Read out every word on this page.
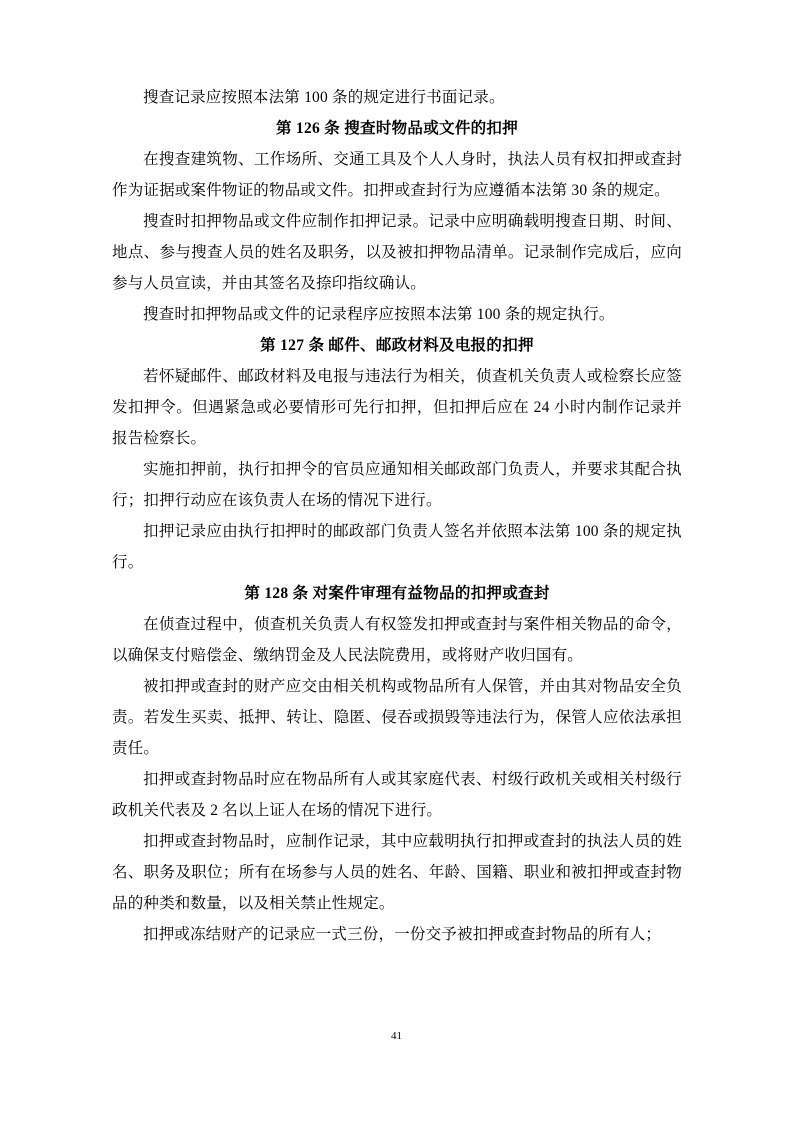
搜查记录应按照本法第 100 条的规定进行书面记录。

第 126 条 搜查时物品或文件的扣押

在搜查建筑物、工作场所、交通工具及个人人身时，执法人员有权扣押或查封作为证据或案件物证的物品或文件。扣押或查封行为应遵循本法第 30 条的规定。

搜查时扣押物品或文件应制作扣押记录。记录中应明确载明搜查日期、时间、地点、参与搜查人员的姓名及职务，以及被扣押物品清单。记录制作完成后，应向参与人员宣读，并由其签名及捺印指纹确认。

搜查时扣押物品或文件的记录程序应按照本法第 100 条的规定执行。

第 127 条 邮件、邮政材料及电报的扣押

若怀疑邮件、邮政材料及电报与违法行为相关，侦查机关负责人或检察长应签发扣押令。但遇紧急或必要情形可先行扣押，但扣押后应在 24 小时内制作记录并报告检察长。

实施扣押前，执行扣押令的官员应通知相关邮政部门负责人，并要求其配合执行；扣押行动应在该负责人在场的情况下进行。

扣押记录应由执行扣押时的邮政部门负责人签名并依照本法第 100 条的规定执行。

第 128 条 对案件审理有益物品的扣押或查封

在侦查过程中，侦查机关负责人有权签发扣押或查封与案件相关物品的命令，以确保支付赔偿金、缴纳罚金及人民法院费用，或将财产收归国有。

被扣押或查封的财产应交由相关机构或物品所有人保管，并由其对物品安全负责。若发生买卖、抵押、转让、隐匿、侵吞或损毁等违法行为，保管人应依法承担责任。

扣押或查封物品时应在物品所有人或其家庭代表、村级行政机关或相关村级行政机关代表及 2 名以上证人在场的情况下进行。

扣押或查封物品时，应制作记录，其中应载明执行扣押或查封的执法人员的姓名、职务及职位；所有在场参与人员的姓名、年龄、国籍、职业和被扣押或查封物品的种类和数量，以及相关禁止性规定。

扣押或冻结财产的记录应一式三份，一份交予被扣押或查封物品的所有人；

41
